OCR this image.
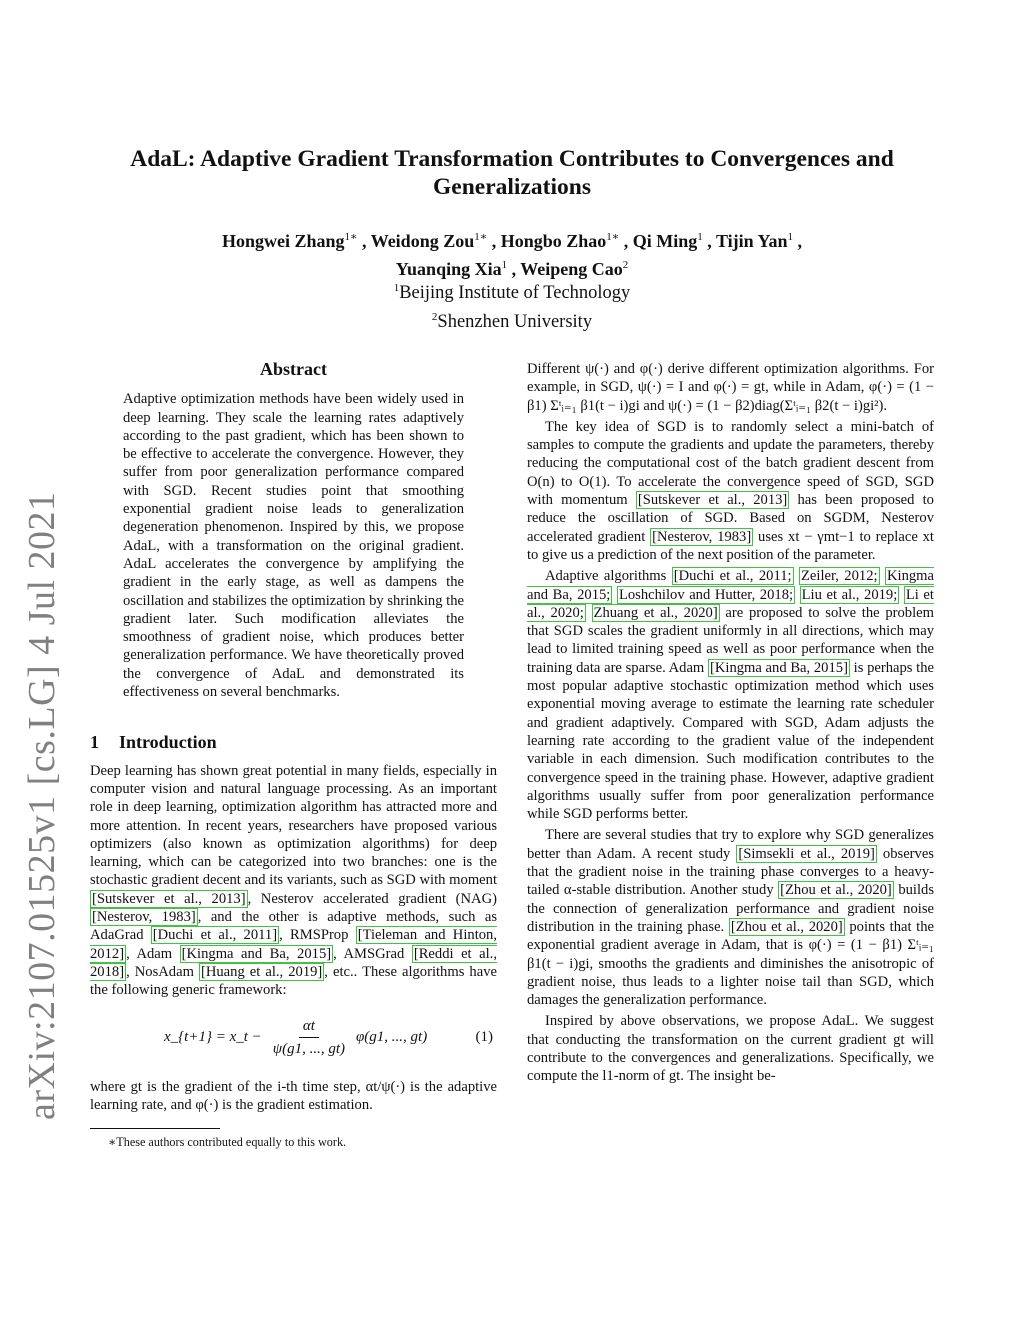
arXiv:2107.01525v1 [cs.LG] 4 Jul 2021
AdaL: Adaptive Gradient Transformation Contributes to Convergences and Generalizations
Hongwei Zhang$^{1∗}$ , Weidong Zou$^{1∗}$ , Hongbo Zhao$^{1∗}$ , Qi Ming$^1$ , Tijin Yan$^1$ ,
Yuanqing Xia$^1$ , Weipeng Cao$^2$
$^1$Beijing Institute of Technology
$^2$Shenzhen University
Abstract

Adaptive optimization methods have been widely used in deep learning. They scale the learning rates adaptively according to the past gradient, which has been shown to be effective to accelerate the convergence. However, they suffer from poor generalization performance compared with SGD. Recent studies point that smoothing exponential gradient noise leads to generalization degeneration phenomenon. Inspired by this, we propose AdaL, with a transformation on the original gradient. AdaL accelerates the convergence by amplifying the gradient in the early stage, as well as dampens the oscillation and stabilizes the optimization by shrinking the gradient later. Such modification alleviates the smoothness of gradient noise, which produces better generalization performance. We have theoretically proved the convergence of AdaL and demonstrated its effectiveness on several benchmarks.

1 Introduction

Deep learning has shown great potential in many fields, especially in computer vision and natural language processing. As an important role in deep learning, optimization algorithm has attracted more and more attention. In recent years, researchers have proposed various optimizers (also known as optimization algorithms) for deep learning, which can be categorized into two branches: one is the stochastic gradient decent and its variants, such as SGD with moment [Sutskever et al., 2013] , Nesterov accelerated gradient (NAG) [Nesterov, 1983] , and the other is adaptive methods, such as AdaGrad [Duchi et al., 2011] , RMSProp [Tieleman and Hinton, 2012] , Adam [Kingma and Ba, 2015] , AMSGrad [Reddi et al., 2018] , NosAdam [Huang et al., 2019] , etc.. These algorithms have the following generic framework:

x_{t+1} = x_t − $\frac{\alpha t}{\psi(g1, ..., gt)} \varphi(g1$, ..., gt)	(1)

where gt is the gradient of the i-th time step, αt/ψ(·) is the adaptive learning rate, and φ(·) is the gradient estimation.

∗These authors contributed equally to this work.

Different ψ(·) and φ(·) derive different optimization algorithms. For example, in SGD, ψ(·) = I and φ(·) = gt, while in Adam, φ(·) = (1 − β1) Σᵗᵢ₌₁ β1(t − i)gi and ψ(·) = (1 − β2)diag(Σᵗᵢ₌₁ β2(t − i)gi²).

The key idea of SGD is to randomly select a mini-batch of samples to compute the gradients and update the parameters, thereby reducing the computational cost of the batch gradient descent from O(n) to O(1). To accelerate the convergence speed of SGD, SGD with momentum [Sutskever et al., 2013] has been proposed to reduce the oscillation of SGD. Based on SGDM, Nesterov accelerated gradient [Nesterov, 1983] uses xt − γmt−1 to replace xt to give us a prediction of the next position of the parameter.

Adaptive algorithms [Duchi et al., 2011; Zeiler, 2012; Kingma and Ba, 2015; Loshchilov and Hutter, 2018; Liu et al., 2019; Li et al., 2020; Zhuang et al., 2020] are proposed to solve the problem that SGD scales the gradient uniformly in all directions, which may lead to limited training speed as well as poor performance when the training data are sparse. Adam [Kingma and Ba, 2015] is perhaps the most popular adaptive stochastic optimization method which uses exponential moving average to estimate the learning rate scheduler and gradient adaptively. Compared with SGD, Adam adjusts the learning rate according to the gradient value of the independent variable in each dimension. Such modification contributes to the convergence speed in the training phase. However, adaptive gradient algorithms usually suffer from poor generalization performance while SGD performs better.

There are several studies that try to explore why SGD generalizes better than Adam. A recent study [Simsekli et al., 2019] observes that the gradient noise in the training phase converges to a heavy-tailed α-stable distribution. Another study [Zhou et al., 2020] builds the connection of generalization performance and gradient noise distribution in the training phase. [Zhou et al., 2020] points that the exponential gradient average in Adam, that is φ(·) = (1 − β1) Σᵗᵢ₌₁ β1(t − i)gi, smooths the gradients and diminishes the anisotropic of gradient noise, thus leads to a lighter noise tail than SGD, which damages the generalization performance.

Inspired by above observations, we propose AdaL. We suggest that conducting the transformation on the current gradient gt will contribute to the convergences and generalizations. Specifically, we compute the l1-norm of gt. The insight be-
